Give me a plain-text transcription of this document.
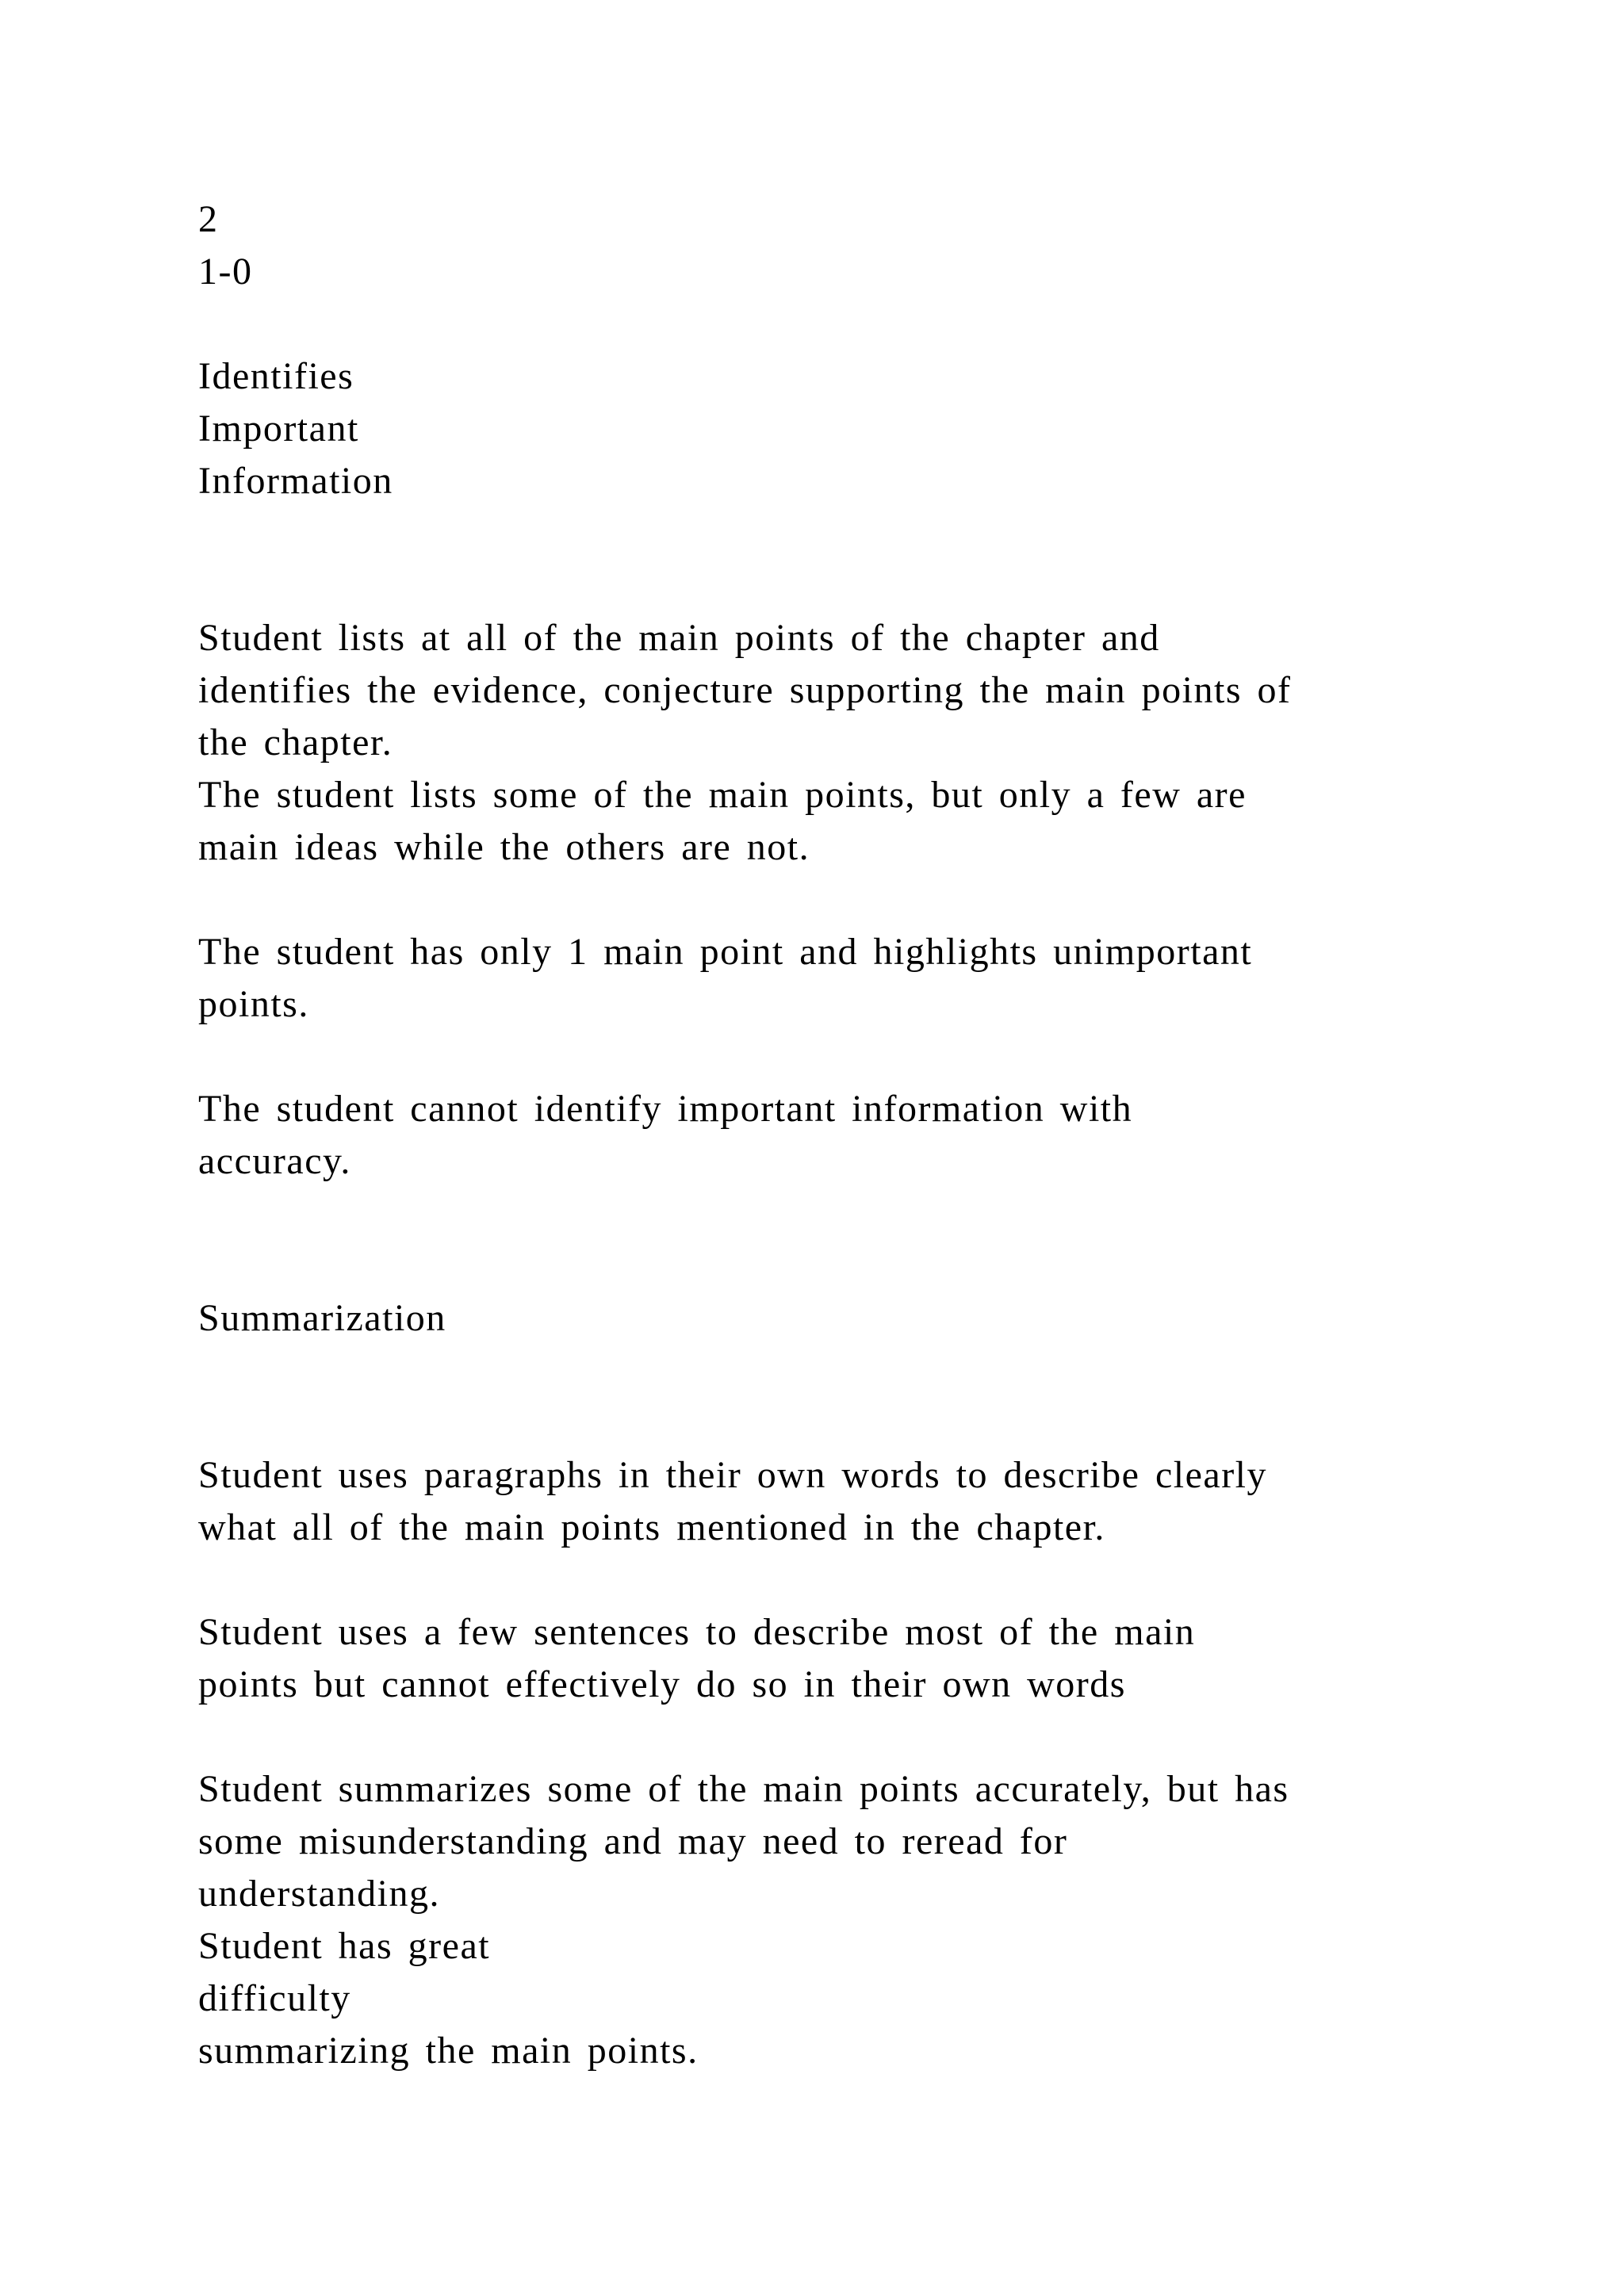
2
1-0
Identifies
Important
Information
Student lists at all of the main points of the chapter and
identifies the evidence, conjecture supporting the main points of
the chapter.
The student lists some of the main points, but only a few are
main ideas while the others are not.
The student has only 1 main point and highlights unimportant
points.
The student cannot identify important information with
accuracy.
Summarization
Student uses paragraphs in their own words to describe clearly
what all of the main points mentioned in the chapter.
Student uses a few sentences to describe most of the main
points but cannot effectively do so in their own words
Student summarizes some of the main points accurately, but has
some misunderstanding and may need to reread for
understanding.
Student has great
difficulty
summarizing the main points.
